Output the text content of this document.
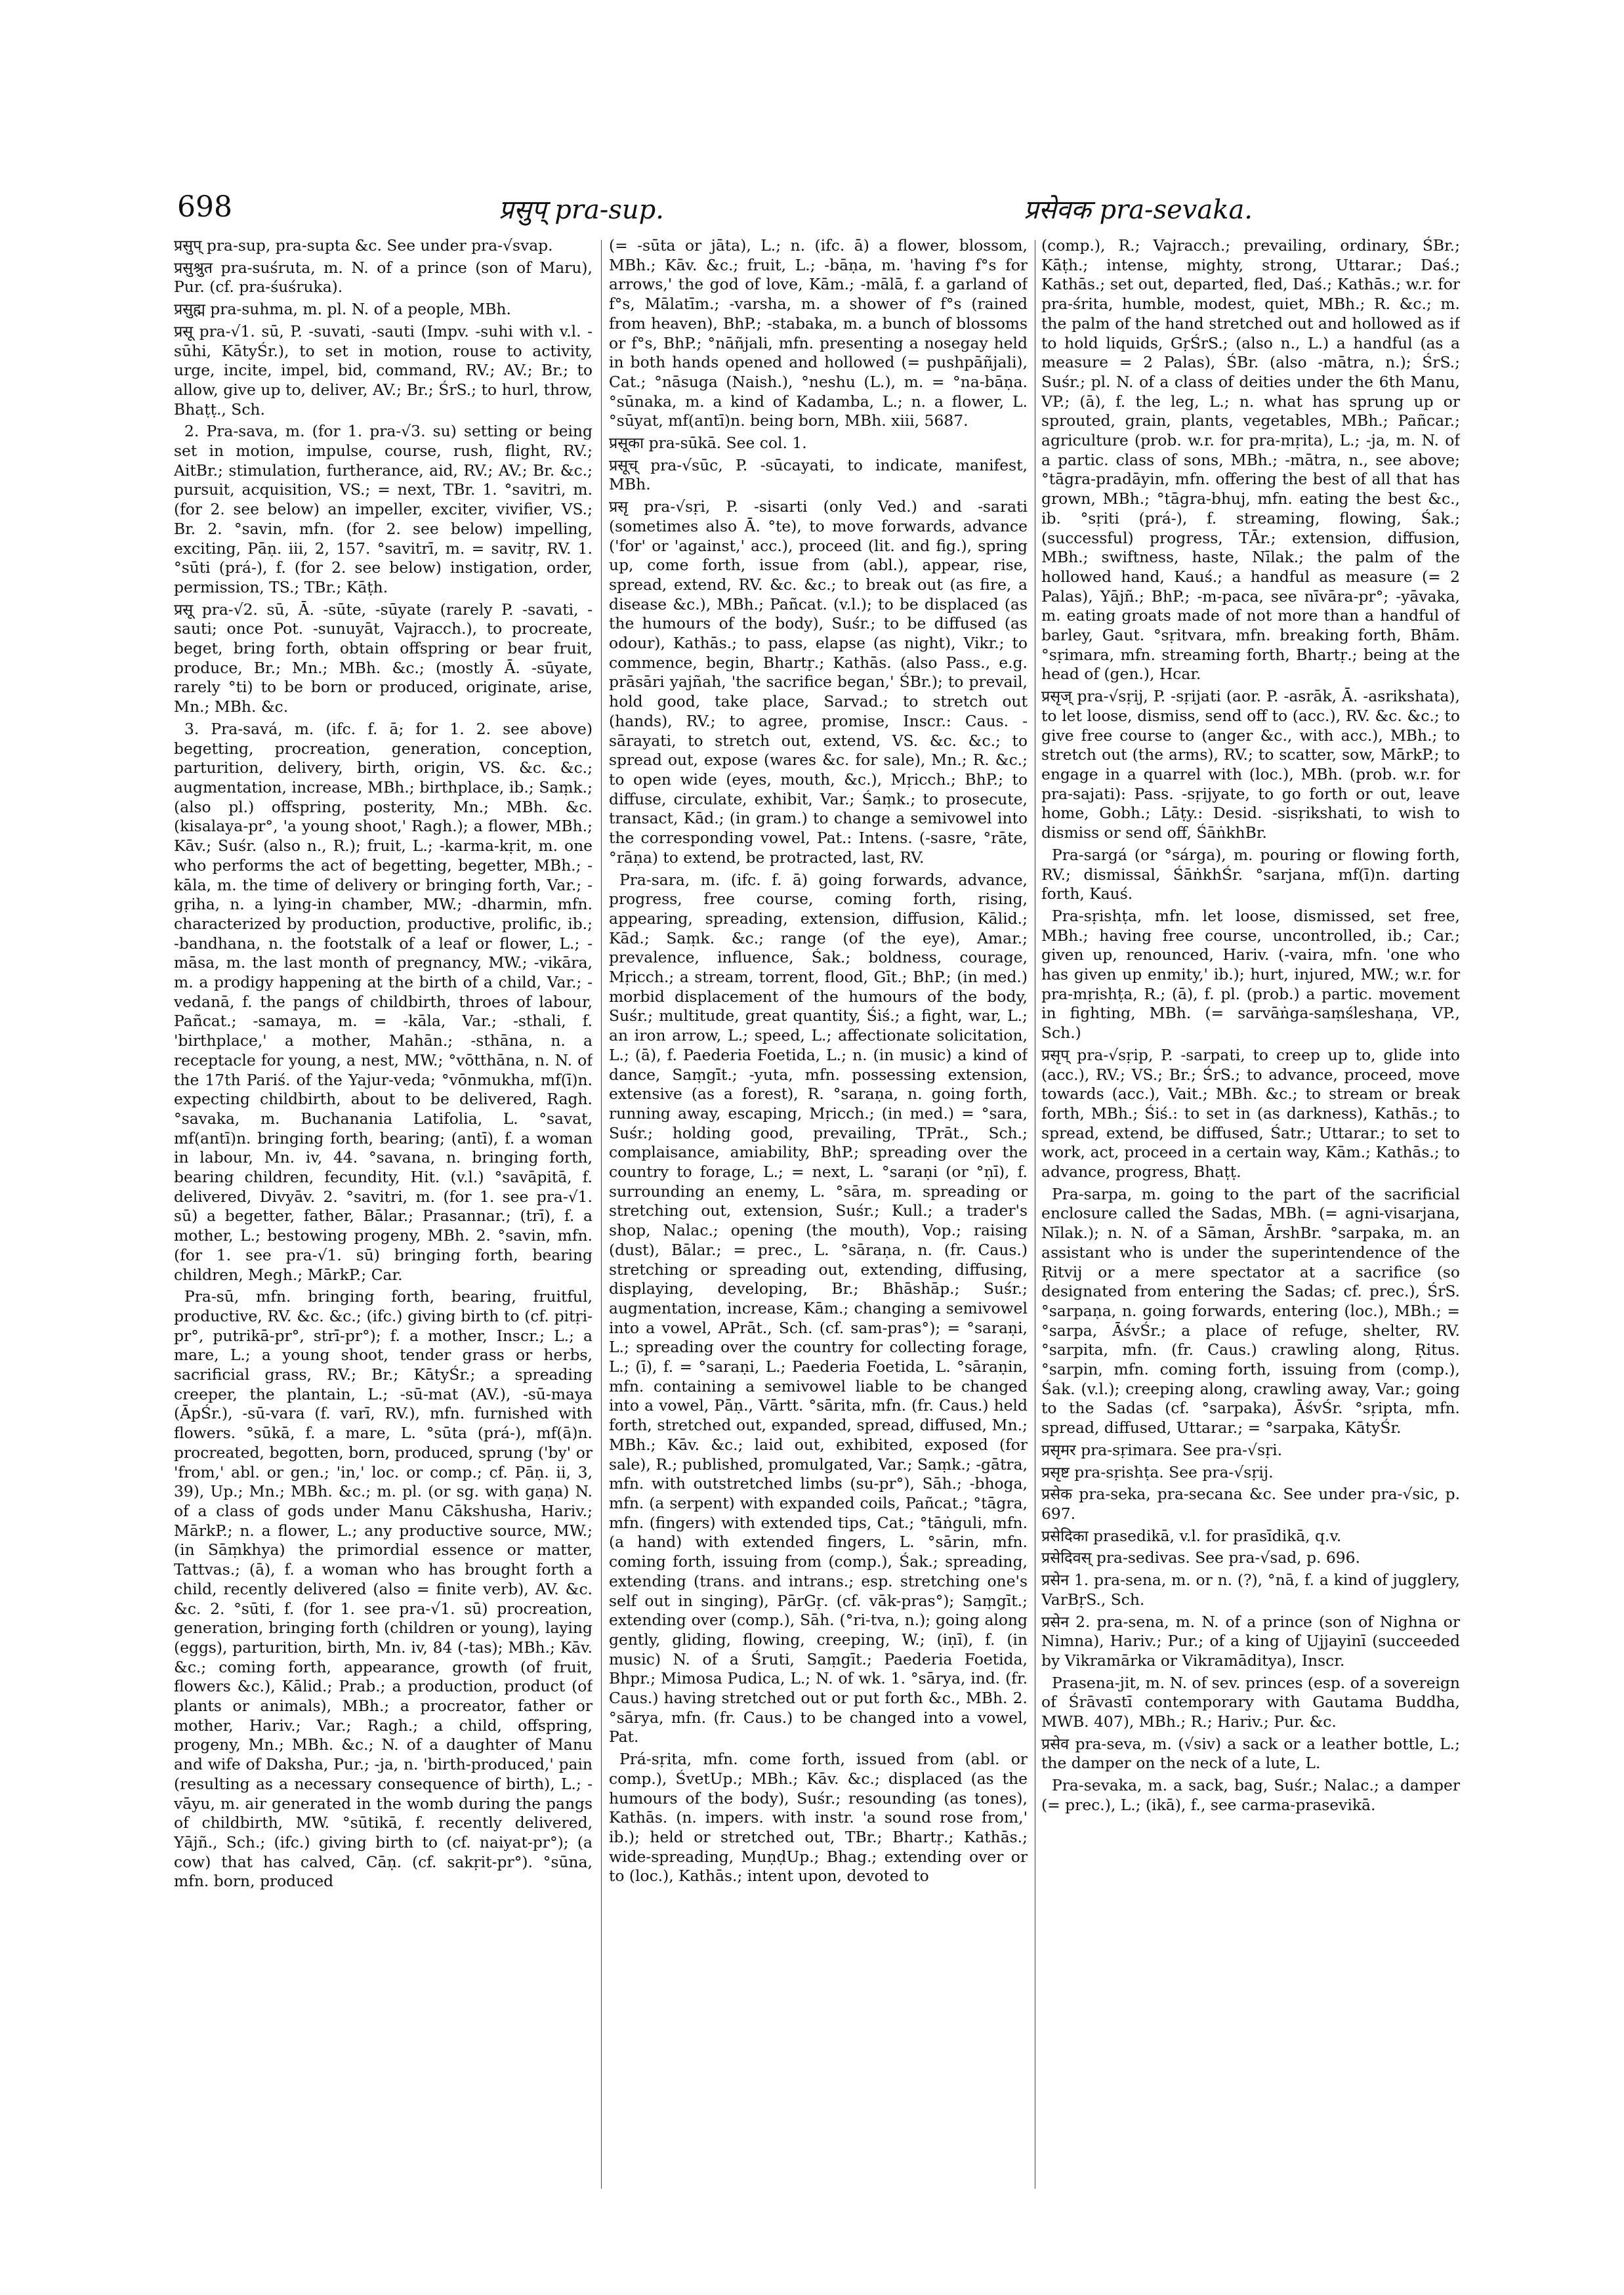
698	प्रसुप् pra-sup.	प्रसेवक pra-sevaka.

प्रसुप् pra-sup, pra-supta &c. See under pra-√svap.

प्रसुश्रुत pra-suśruta, m. N. of a prince (son of Maru), Pur. (cf. pra-śuśruka).

प्रसुह्म pra-suhma, m. pl. N. of a people, MBh.

प्रसू pra-√1. sū, P. -suvati, -sauti (Impv. -suhi with v.l. -sūhi, KātyŚr.), to set in motion, rouse to activity, urge, incite, impel, bid, command, RV.; AV.; Br.; to allow, give up to, deliver, AV.; Br.; ŚrS.; to hurl, throw, Bhaṭṭ., Sch.

2. Pra-sava, m. (for 1. pra-√3. su) setting or being set in motion, impulse, course, rush, flight, RV.; AitBr.; stimulation, furtherance, aid, RV.; AV.; Br. &c.; pursuit, acquisition, VS.; = next, TBr. 1. °savitri, m. (for 2. see below) an impeller, exciter, vivifier, VS.; Br. 2. °savin, mfn. (for 2. see below) impelling, exciting, Pāṇ. iii, 2, 157. °savitrī, m. = savitṛ, RV. 1. °sūti (prá-), f. (for 2. see below) instigation, order, permission, TS.; TBr.; Kāṭh.

प्रसू pra-√2. sū, Ā. -sūte, -sūyate (rarely P. -savati, -sauti; once Pot. -sunuyāt, Vajracch.), to procreate, beget, bring forth, obtain offspring or bear fruit, produce, Br.; Mn.; MBh. &c.; (mostly Ā. -sūyate, rarely °ti) to be born or produced, originate, arise, Mn.; MBh. &c.

3. Pra-savá, m. (ifc. f. ā; for 1. 2. see above) begetting, procreation, generation, conception, parturition, delivery, birth, origin, VS. &c. &c.; augmentation, increase, MBh.; birthplace, ib.; Saṃk.; (also pl.) offspring, posterity, Mn.; MBh. &c. (kisalaya-pr°, 'a young shoot,' Ragh.); a flower, MBh.; Kāv.; Suśr. (also n., R.); fruit, L.; -karma-kṛit, m. one who performs the act of begetting, begetter, MBh.; -kāla, m. the time of delivery or bringing forth, Var.; -gṛiha, n. a lying-in chamber, MW.; -dharmin, mfn. characterized by production, productive, prolific, ib.; -bandhana, n. the footstalk of a leaf or flower, L.; -māsa, m. the last month of pregnancy, MW.; -vikāra, m. a prodigy happening at the birth of a child, Var.; -vedanā, f. the pangs of childbirth, throes of labour, Pañcat.; -samaya, m. = -kāla, Var.; -sthali, f. 'birthplace,' a mother, Mahān.; -sthāna, n. a receptacle for young, a nest, MW.; °vōtthāna, n. N. of the 17th Pariś. of the Yajur-veda; °vōnmukha, mf(ī)n. expecting childbirth, about to be delivered, Ragh. °savaka, m. Buchanania Latifolia, L. °savat, mf(antī)n. bringing forth, bearing; (antī), f. a woman in labour, Mn. iv, 44. °savana, n. bringing forth, bearing children, fecundity, Hit. (v.l.) °savāpitā, f. delivered, Divyāv. 2. °savitri, m. (for 1. see pra-√1. sū) a begetter, father, Bālar.; Prasannar.; (trī), f. a mother, L.; bestowing progeny, MBh. 2. °savin, mfn. (for 1. see pra-√1. sū) bringing forth, bearing children, Megh.; MārkP.; Car.

Pra-sū, mfn. bringing forth, bearing, fruitful, productive, RV. &c. &c.; (ifc.) giving birth to (cf. pitṛi-pr°, putrikā-pr°, strī-pr°); f. a mother, Inscr.; L.; a mare, L.; a young shoot, tender grass or herbs, sacrificial grass, RV.; Br.; KātyŚr.; a spreading creeper, the plantain, L.; -sū-mat (AV.), -sū-maya (ĀpŚr.), -sū-vara (f. varī, RV.), mfn. furnished with flowers. °sūkā, f. a mare, L. °sūta (prá-), mf(ā)n. procreated, begotten, born, produced, sprung ('by' or 'from,' abl. or gen.; 'in,' loc. or comp.; cf. Pāṇ. ii, 3, 39), Up.; Mn.; MBh. &c.; m. pl. (or sg. with gaṇa) N. of a class of gods under Manu Cākshusha, Hariv.; MārkP.; n. a flower, L.; any productive source, MW.; (in Sāṃkhya) the primordial essence or matter, Tattvas.; (ā), f. a woman who has brought forth a child, recently delivered (also = finite verb), AV. &c. &c. 2. °sūti, f. (for 1. see pra-√1. sū) procreation, generation, bringing forth (children or young), laying (eggs), parturition, birth, Mn. iv, 84 (-tas); MBh.; Kāv. &c.; coming forth, appearance, growth (of fruit, flowers &c.), Kālid.; Prab.; a production, product (of plants or animals), MBh.; a procreator, father or mother, Hariv.; Var.; Ragh.; a child, offspring, progeny, Mn.; MBh. &c.; N. of a daughter of Manu and wife of Daksha, Pur.; -ja, n. 'birth-produced,' pain (resulting as a necessary consequence of birth), L.; -vāyu, m. air generated in the womb during the pangs of childbirth, MW. °sūtikā, f. recently delivered, Yājñ., Sch.; (ifc.) giving birth to (cf. naiyat-pr°); (a cow) that has calved, Cāṇ. (cf. sakṛit-pr°). °sūna, mfn. born, produced

(= -sūta or jāta), L.; n. (ifc. ā) a flower, blossom, MBh.; Kāv. &c.; fruit, L.; -bāṇa, m. 'having f°s for arrows,' the god of love, Kām.; -mālā, f. a garland of f°s, Mālatīm.; -varsha, m. a shower of f°s (rained from heaven), BhP.; -stabaka, m. a bunch of blossoms or f°s, BhP.; °nāñjali, mfn. presenting a nosegay held in both hands opened and hollowed (= pushpāñjali), Cat.; °nāsuga (Naish.), °neshu (L.), m. = °na-bāṇa. °sūnaka, m. a kind of Kadamba, L.; n. a flower, L. °sūyat, mf(antī)n. being born, MBh. xiii, 5687.

प्रसूका pra-sūkā. See col. 1.

प्रसूच् pra-√sūc, P. -sūcayati, to indicate, manifest, MBh.

प्रसृ pra-√sṛi, P. -sisarti (only Ved.) and -sarati (sometimes also Ā. °te), to move forwards, advance ('for' or 'against,' acc.), proceed (lit. and fig.), spring up, come forth, issue from (abl.), appear, rise, spread, extend, RV. &c. &c.; to break out (as fire, a disease &c.), MBh.; Pañcat. (v.l.); to be displaced (as the humours of the body), Suśr.; to be diffused (as odour), Kathās.; to pass, elapse (as night), Vikr.; to commence, begin, Bhartṛ.; Kathās. (also Pass., e.g. prāsāri yajñah, 'the sacrifice began,' ŚBr.); to prevail, hold good, take place, Sarvad.; to stretch out (hands), RV.; to agree, promise, Inscr.: Caus. -sārayati, to stretch out, extend, VS. &c. &c.; to spread out, expose (wares &c. for sale), Mn.; R. &c.; to open wide (eyes, mouth, &c.), Mṛicch.; BhP.; to diffuse, circulate, exhibit, Var.; Śaṃk.; to prosecute, transact, Kād.; (in gram.) to change a semivowel into the corresponding vowel, Pat.: Intens. (-sasre, °rāte, °rāṇa) to extend, be protracted, last, RV.

Pra-sara, m. (ifc. f. ā) going forwards, advance, progress, free course, coming forth, rising, appearing, spreading, extension, diffusion, Kālid.; Kād.; Saṃk. &c.; range (of the eye), Amar.; prevalence, influence, Śak.; boldness, courage, Mṛicch.; a stream, torrent, flood, Gīt.; BhP.; (in med.) morbid displacement of the humours of the body, Suśr.; multitude, great quantity, Śiś.; a fight, war, L.; an iron arrow, L.; speed, L.; affectionate solicitation, L.; (ā), f. Paederia Foetida, L.; n. (in music) a kind of dance, Saṃgīt.; -yuta, mfn. possessing extension, extensive (as a forest), R. °saraṇa, n. going forth, running away, escaping, Mṛicch.; (in med.) = °sara, Suśr.; holding good, prevailing, TPrāt., Sch.; complaisance, amiability, BhP.; spreading over the country to forage, L.; = next, L. °saraṇi (or °ṇī), f. surrounding an enemy, L. °sāra, m. spreading or stretching out, extension, Suśr.; Kull.; a trader's shop, Nalac.; opening (the mouth), Vop.; raising (dust), Bālar.; = prec., L. °sāraṇa, n. (fr. Caus.) stretching or spreading out, extending, diffusing, displaying, developing, Br.; Bhāshāp.; Suśr.; augmentation, increase, Kām.; changing a semivowel into a vowel, APrāt., Sch. (cf. sam-pras°); = °saraṇi, L.; spreading over the country for collecting forage, L.; (ī), f. = °saraṇi, L.; Paederia Foetida, L. °sāraṇin, mfn. containing a semivowel liable to be changed into a vowel, Pāṇ., Vārtt. °sārita, mfn. (fr. Caus.) held forth, stretched out, expanded, spread, diffused, Mn.; MBh.; Kāv. &c.; laid out, exhibited, exposed (for sale), R.; published, promulgated, Var.; Saṃk.; -gātra, mfn. with outstretched limbs (su-pr°), Sāh.; -bhoga, mfn. (a serpent) with expanded coils, Pañcat.; °tāgra, mfn. (fingers) with extended tips, Cat.; °tāṅguli, mfn. (a hand) with extended fingers, L. °sārin, mfn. coming forth, issuing from (comp.), Śak.; spreading, extending (trans. and intrans.; esp. stretching one's self out in singing), PārGṛ. (cf. vāk-pras°); Saṃgīt.; extending over (comp.), Sāh. (°ri-tva, n.); going along gently, gliding, flowing, creeping, W.; (iṇī), f. (in music) N. of a Śruti, Saṃgīt.; Paederia Foetida, Bhpr.; Mimosa Pudica, L.; N. of wk. 1. °sārya, ind. (fr. Caus.) having stretched out or put forth &c., MBh. 2. °sārya, mfn. (fr. Caus.) to be changed into a vowel, Pat.

Prá-sṛita, mfn. come forth, issued from (abl. or comp.), ŚvetUp.; MBh.; Kāv. &c.; displaced (as the humours of the body), Suśr.; resounding (as tones), Kathās. (n. impers. with instr. 'a sound rose from,' ib.); held or stretched out, TBr.; Bhartṛ.; Kathās.; wide-spreading, MuṇḍUp.; Bhag.; extending over or to (loc.), Kathās.; intent upon, devoted to

(comp.), R.; Vajracch.; prevailing, ordinary, ŚBr.; Kāṭh.; intense, mighty, strong, Uttarar.; Daś.; Kathās.; set out, departed, fled, Daś.; Kathās.; w.r. for pra-śrita, humble, modest, quiet, MBh.; R. &c.; m. the palm of the hand stretched out and hollowed as if to hold liquids, GṛŚrS.; (also n., L.) a handful (as a measure = 2 Palas), ŚBr. (also -mātra, n.); ŚrS.; Suśr.; pl. N. of a class of deities under the 6th Manu, VP.; (ā), f. the leg, L.; n. what has sprung up or sprouted, grain, plants, vegetables, MBh.; Pañcar.; agriculture (prob. w.r. for pra-mṛita), L.; -ja, m. N. of a partic. class of sons, MBh.; -mātra, n., see above; °tāgra-pradāyin, mfn. offering the best of all that has grown, MBh.; °tāgra-bhuj, mfn. eating the best &c., ib. °sṛiti (prá-), f. streaming, flowing, Śak.; (successful) progress, TĀr.; extension, diffusion, MBh.; swiftness, haste, Nīlak.; the palm of the hollowed hand, Kauś.; a handful as measure (= 2 Palas), Yājñ.; BhP.; -m-paca, see nīvāra-pr°; -yāvaka, m. eating groats made of not more than a handful of barley, Gaut. °sṛitvara, mfn. breaking forth, Bhām. °sṛimara, mfn. streaming forth, Bhartṛ.; being at the head of (gen.), Hcar.

प्रसृज् pra-√sṛij, P. -sṛijati (aor. P. -asrāk, Ā. -asrikshata), to let loose, dismiss, send off to (acc.), RV. &c. &c.; to give free course to (anger &c., with acc.), MBh.; to stretch out (the arms), RV.; to scatter, sow, MārkP.; to engage in a quarrel with (loc.), MBh. (prob. w.r. for pra-sajati): Pass. -sṛijyate, to go forth or out, leave home, Gobh.; Lāṭy.: Desid. -sisṛikshati, to wish to dismiss or send off, ŚāṅkhBr.

Pra-sargá (or °sárga), m. pouring or flowing forth, RV.; dismissal, ŚāṅkhŚr. °sarjana, mf(ī)n. darting forth, Kauś.

Pra-sṛishṭa, mfn. let loose, dismissed, set free, MBh.; having free course, uncontrolled, ib.; Car.; given up, renounced, Hariv. (-vaira, mfn. 'one who has given up enmity,' ib.); hurt, injured, MW.; w.r. for pra-mṛishṭa, R.; (ā), f. pl. (prob.) a partic. movement in fighting, MBh. (= sarvāṅga-saṃśleshaṇa, VP., Sch.)

प्रसृप् pra-√sṛip, P. -sarpati, to creep up to, glide into (acc.), RV.; VS.; Br.; ŚrS.; to advance, proceed, move towards (acc.), Vait.; MBh. &c.; to stream or break forth, MBh.; Śiś.: to set in (as darkness), Kathās.; to spread, extend, be diffused, Śatr.; Uttarar.; to set to work, act, proceed in a certain way, Kām.; Kathās.; to advance, progress, Bhaṭṭ.

Pra-sarpa, m. going to the part of the sacrificial enclosure called the Sadas, MBh. (= agni-visarjana, Nīlak.); n. N. of a Sāman, ĀrshBr. °sarpaka, m. an assistant who is under the superintendence of the Ṛitvij or a mere spectator at a sacrifice (so designated from entering the Sadas; cf. prec.), ŚrS. °sarpaṇa, n. going forwards, entering (loc.), MBh.; = °sarpa, ĀśvŚr.; a place of refuge, shelter, RV. °sarpita, mfn. (fr. Caus.) crawling along, Ṛitus. °sarpin, mfn. coming forth, issuing from (comp.), Śak. (v.l.); creeping along, crawling away, Var.; going to the Sadas (cf. °sarpaka), ĀśvŚr. °sṛipta, mfn. spread, diffused, Uttarar.; = °sarpaka, KātyŚr.

प्रसृमर pra-sṛimara. See pra-√sṛi.

प्रसृष्ट pra-sṛishṭa. See pra-√sṛij.

प्रसेक pra-seka, pra-secana &c. See under pra-√sic, p. 697.

प्रसेदिका prasedikā, v.l. for prasīdikā, q.v.

प्रसेदिवस् pra-sedivas. See pra-√sad, p. 696.

प्रसेन 1. pra-sena, m. or n. (?), °nā, f. a kind of jugglery, VarBṛS., Sch.

प्रसेन 2. pra-sena, m. N. of a prince (son of Nighna or Nimna), Hariv.; Pur.; of a king of Ujjayinī (succeeded by Vikramārka or Vikramāditya), Inscr.

Prasena-jit, m. N. of sev. princes (esp. of a sovereign of Śrāvastī contemporary with Gautama Buddha, MWB. 407), MBh.; R.; Hariv.; Pur. &c.

प्रसेव pra-seva, m. (√siv) a sack or a leather bottle, L.; the damper on the neck of a lute, L.

Pra-sevaka, m. a sack, bag, Suśr.; Nalac.; a damper (= prec.), L.; (ikā), f., see carma-prasevikā.
